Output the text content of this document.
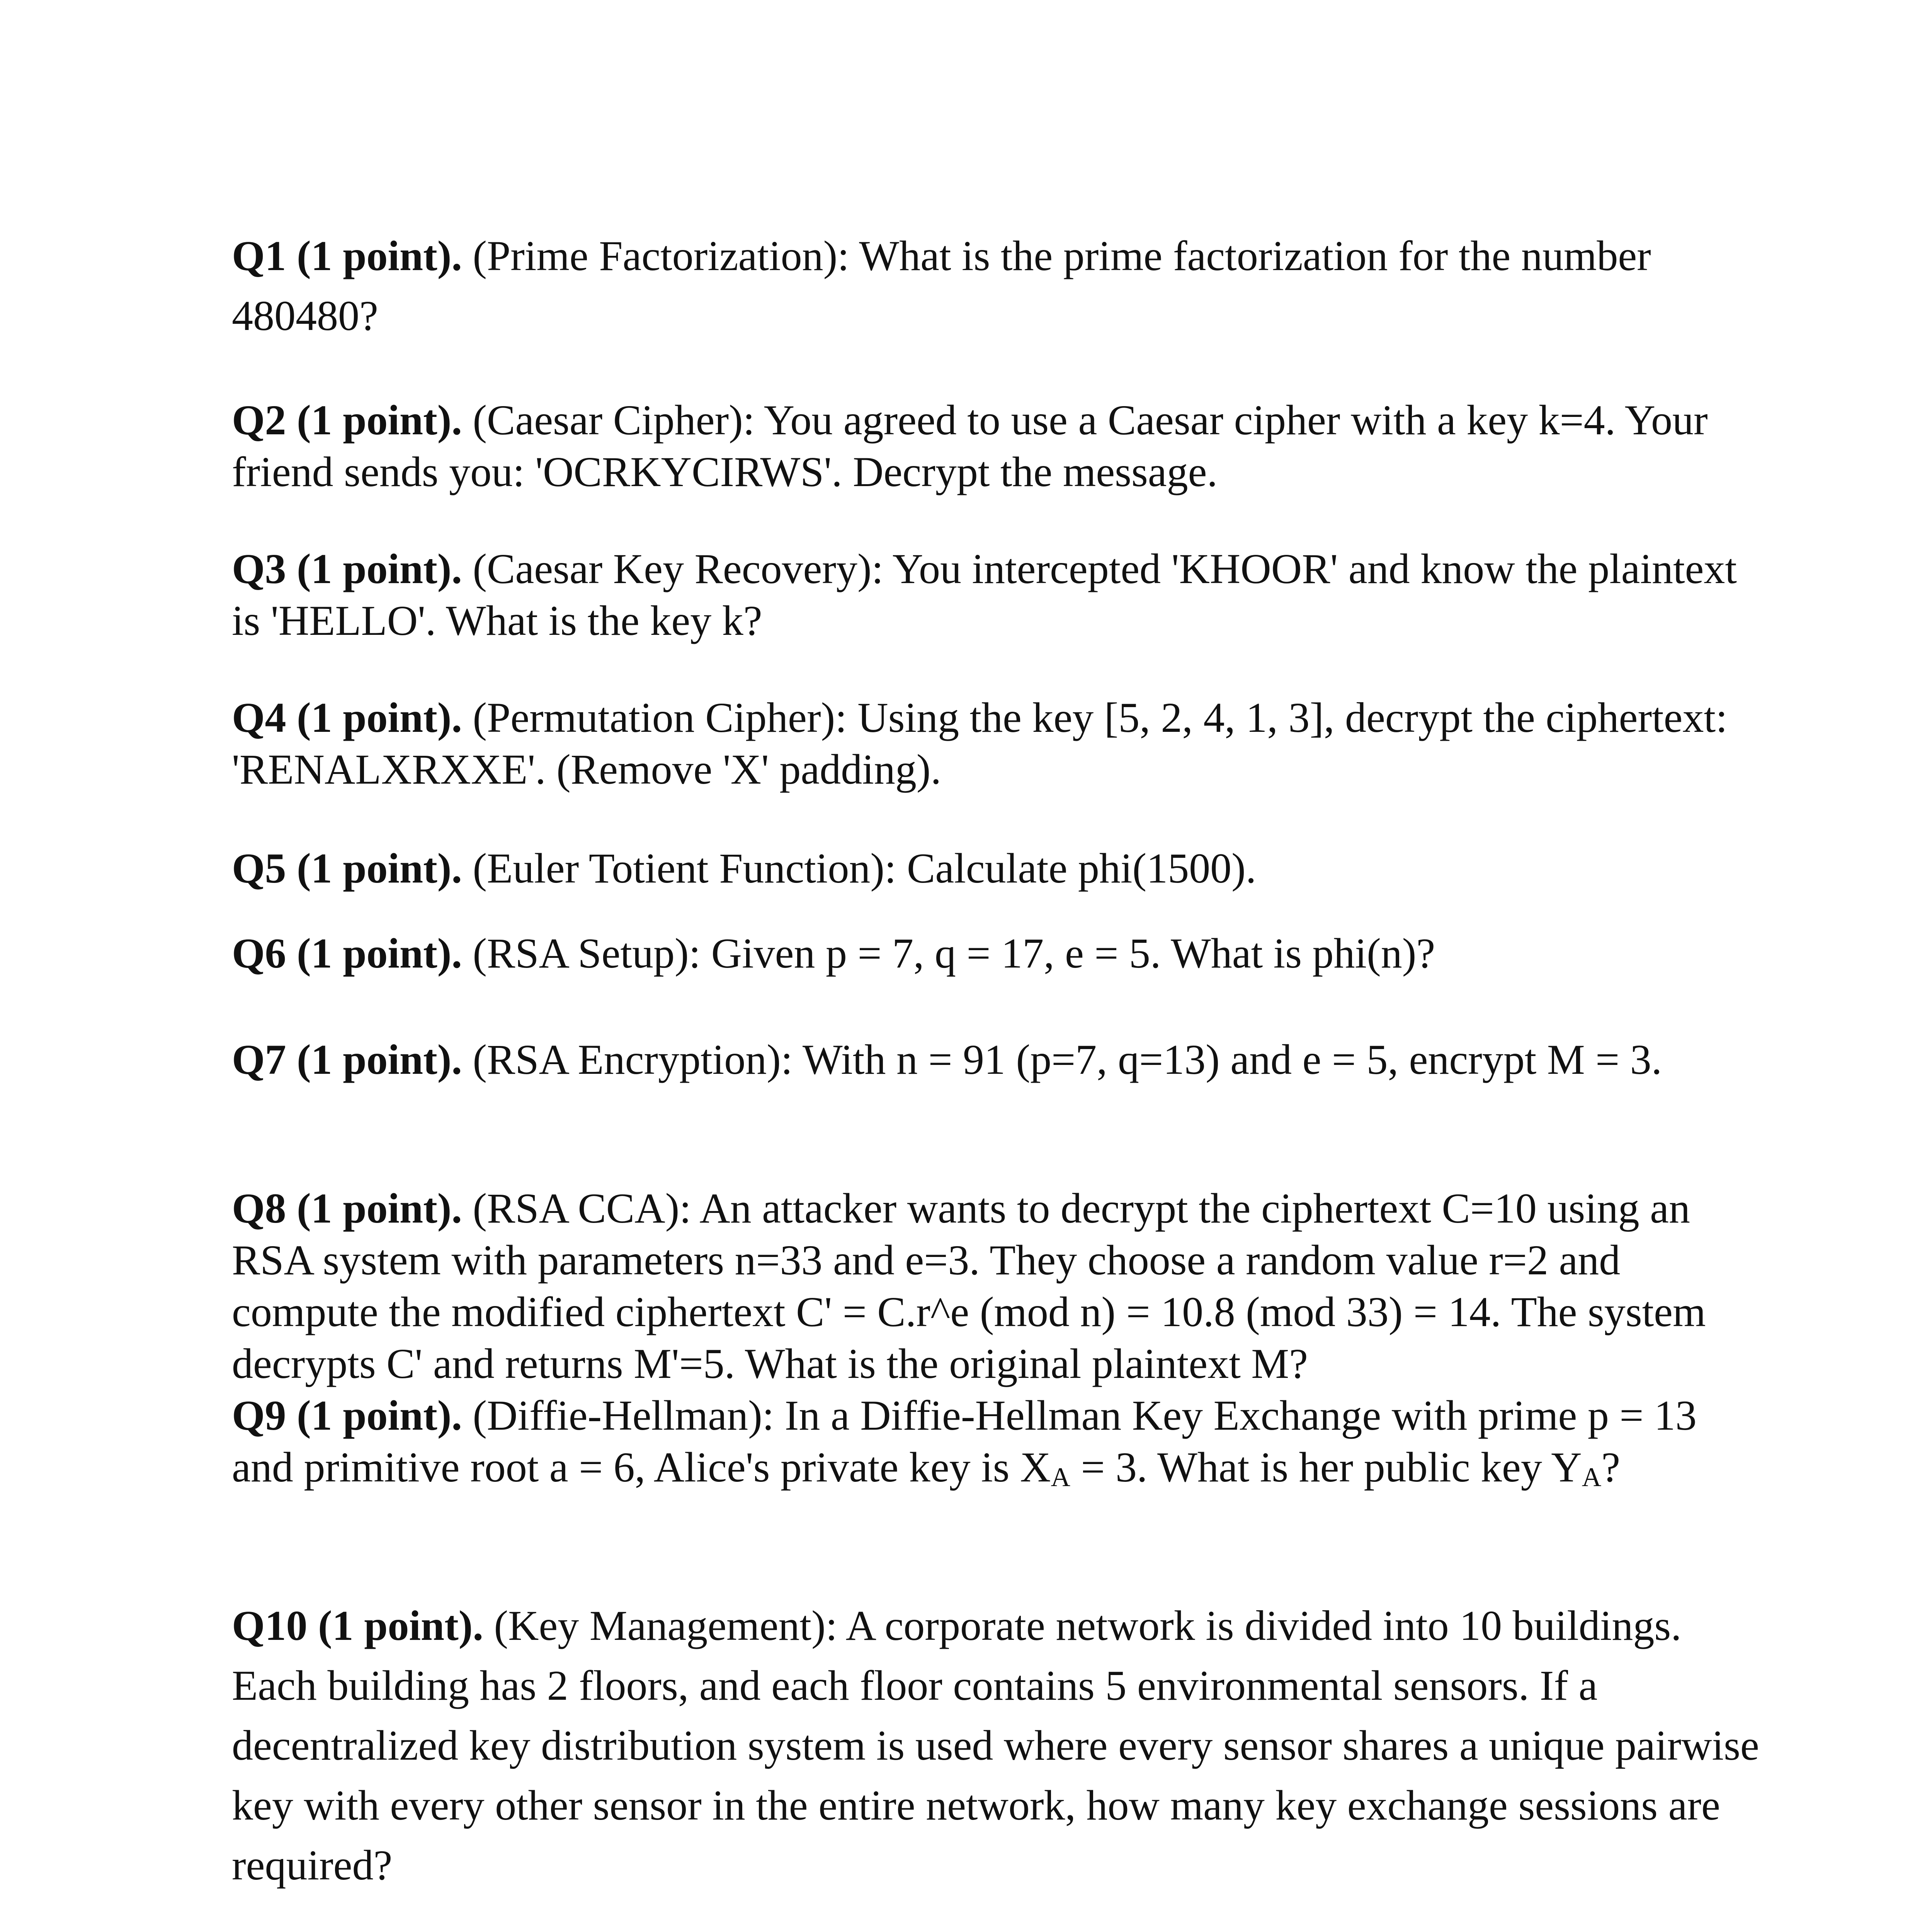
Q1 (1 point). (Prime Factorization): What is the prime factorization for the number 480480?

Q2 (1 point). (Caesar Cipher): You agreed to use a Caesar cipher with a key k=4. Your friend sends you: 'OCRKYCIRWS'. Decrypt the message.

Q3 (1 point). (Caesar Key Recovery): You intercepted 'KHOOR' and know the plaintext is 'HELLO'. What is the key k?

Q4 (1 point). (Permutation Cipher): Using the key [5, 2, 4, 1, 3], decrypt the ciphertext: 'RENALXRXXE'. (Remove 'X' padding).

Q5 (1 point). (Euler Totient Function): Calculate phi(1500).

Q6 (1 point). (RSA Setup): Given p = 7, q = 17, e = 5. What is phi(n)?

Q7 (1 point). (RSA Encryption): With n = 91 (p=7, q=13) and e = 5, encrypt M = 3.

Q8 (1 point). (RSA CCA): An attacker wants to decrypt the ciphertext C=10 using an RSA system with parameters n=33 and e=3. They choose a random value r=2 and compute the modified ciphertext C' = C.r^e (mod n) = 10.8 (mod 33) = 14. The system decrypts C' and returns M'=5. What is the original plaintext M?

Q9 (1 point). (Diffie-Hellman): In a Diffie-Hellman Key Exchange with prime p = 13 and primitive root a = 6, Alice's private key is $X_A = 3$. What is her public key $Y_A$?

Q10 (1 point). (Key Management): A corporate network is divided into 10 buildings. Each building has 2 floors, and each floor contains 5 environmental sensors. If a decentralized key distribution system is used where every sensor shares a unique pairwise key with every other sensor in the entire network, how many key exchange sessions are required?
